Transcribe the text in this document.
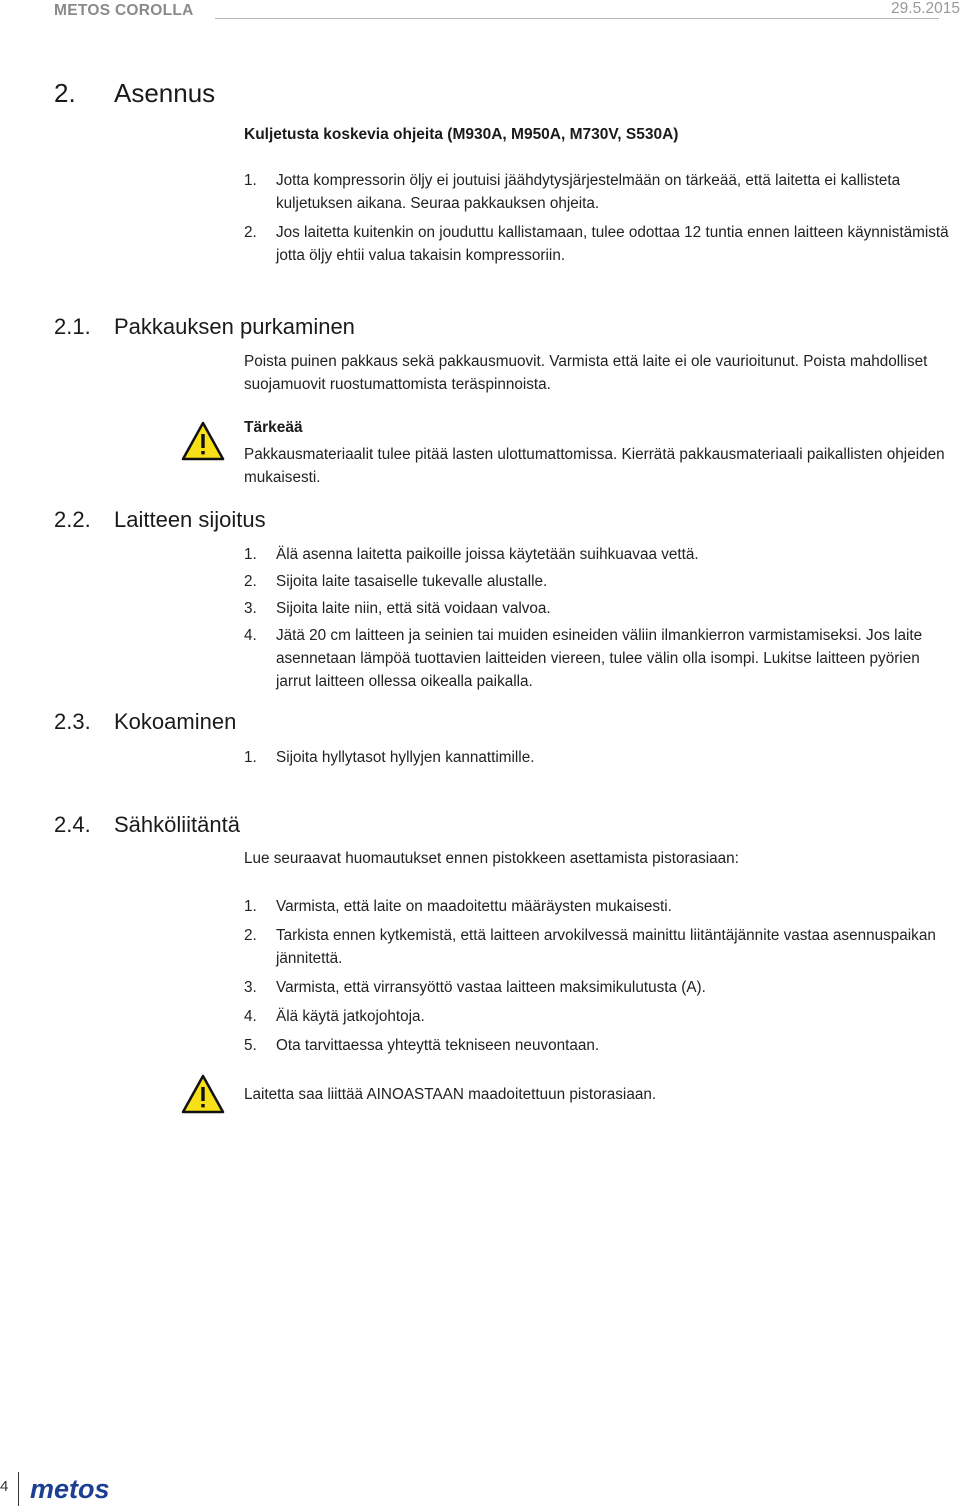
METOS COROLLA	29.5.2015
2. Asennus
Kuljetusta koskevia ohjeita (M930A, M950A, M730V, S530A)
1. Jotta kompressorin öljy ei joutuisi jäähdytysjärjestelmään on tärkeää, että laitetta ei kallisteta kuljetuksen aikana. Seuraa pakkauksen ohjeita.
2. Jos laitetta kuitenkin on jouduttu kallistamaan, tulee odottaa 12 tuntia ennen laitteen käynnistämistä jotta öljy ehtii valua takaisin kompressoriin.
2.1. Pakkauksen purkaminen
Poista puinen pakkaus sekä pakkausmuovit. Varmista että laite ei ole vaurioitunut. Poista mahdolliset suojamuovit ruostumattomista teräspinnoista.
Tärkeää
Pakkausmateriaalit tulee pitää lasten ulottumattomissa. Kierrätä pakkausmateriaali paikallisten ohjeiden mukaisesti.
2.2. Laitteen sijoitus
1. Älä asenna laitetta paikoille joissa käytetään suihkuavaa vettä.
2. Sijoita laite tasaiselle tukevalle alustalle.
3. Sijoita laite niin, että sitä voidaan valvoa.
4. Jätä 20 cm laitteen ja seinien tai muiden esineiden väliin ilmankierron varmistamiseksi. Jos laite asennetaan lämpöä tuottavien laitteiden viereen, tulee välin olla isompi. Lukitse laitteen pyörien jarrut laitteen ollessa oikealla paikalla.
2.3. Kokoaminen
1. Sijoita hyllytasot hyllyjen kannattimille.
2.4. Sähköliitäntä
Lue seuraavat huomautukset ennen pistokkeen asettamista pistorasiaan:
1. Varmista, että laite on maadoitettu määräysten mukaisesti.
2. Tarkista ennen kytkemistä, että laitteen arvokilvessä mainittu liitäntäjännite vastaa asennuspaikan jännitettä.
3. Varmista, että virransyöttö vastaa laitteen maksimikulutusta (A).
4. Älä käytä jatkojohtoja.
5. Ota tarvittaessa yhteyttä tekniseen neuvontaan.
Laitetta saa liittää AINOASTAAN maadoitettuun pistorasiaan.
4 metos
